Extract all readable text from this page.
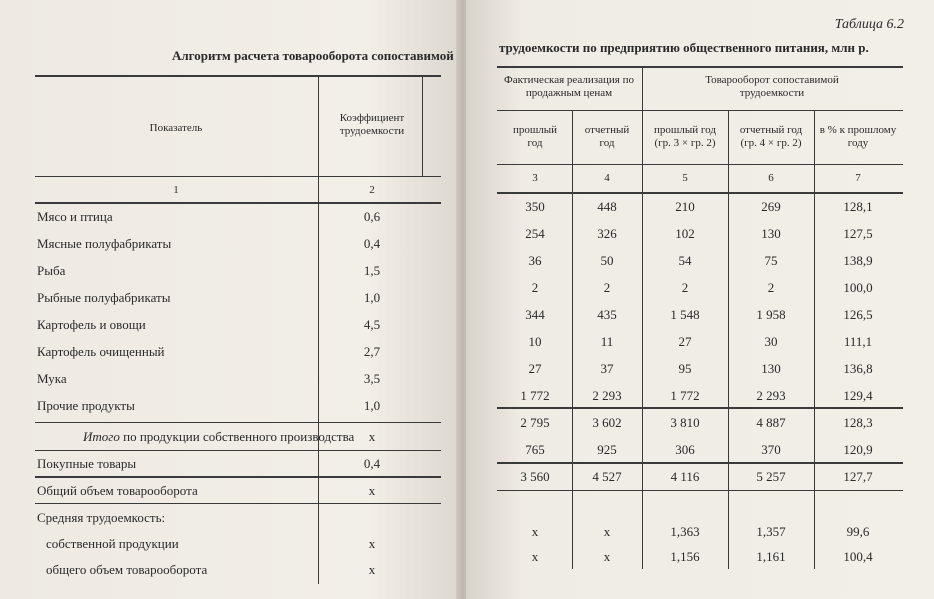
Алгоритм расчета товарооборота сопоставимой
Показатель
Коэффициент трудоемкости
1	2
Мясо и птица	0,6
Мясные полуфабрикаты	0,4
Рыба	1,5
Рыбные полуфабрикаты	1,0
Картофель и овощи	4,5
Картофель очищенный	2,7
Мука	3,5
Прочие продукты	1,0
Итого по продукции собственного производства х
Покупные товары	0,4
Общий объем товарооборота	х
Средняя трудоемкость:
собственной продукции	х
общего объем товарооборота	х
Таблица 6.2
трудоемкости по предприятию общественного питания, млн р.
Фактическая реализация по продажным ценам
Товарооборот сопоставимой трудоемкости
прошлый год
отчетный год
прошлый год (гр. 3 × гр. 2)
отчетный год (гр. 4 × гр. 2)
в % к прошлому году
3	4	5	6	7
350	448	210	269	128,1
254	326	102	130	127,5
36	50	54	75	138,9
2	2	2	2	100,0
344	435	1 548	1 958	126,5
10	11	27	30	111,1
27	37	95	130	136,8
1 772	2 293	1 772	2 293	129,4
2 795	3 602	3 810	4 887	128,3
765	925	306	370	120,9
3 560	4 527	4 116	5 257	127,7
х	х	1,363	1,357	99,6
х	х	1,156	1,161	100,4
